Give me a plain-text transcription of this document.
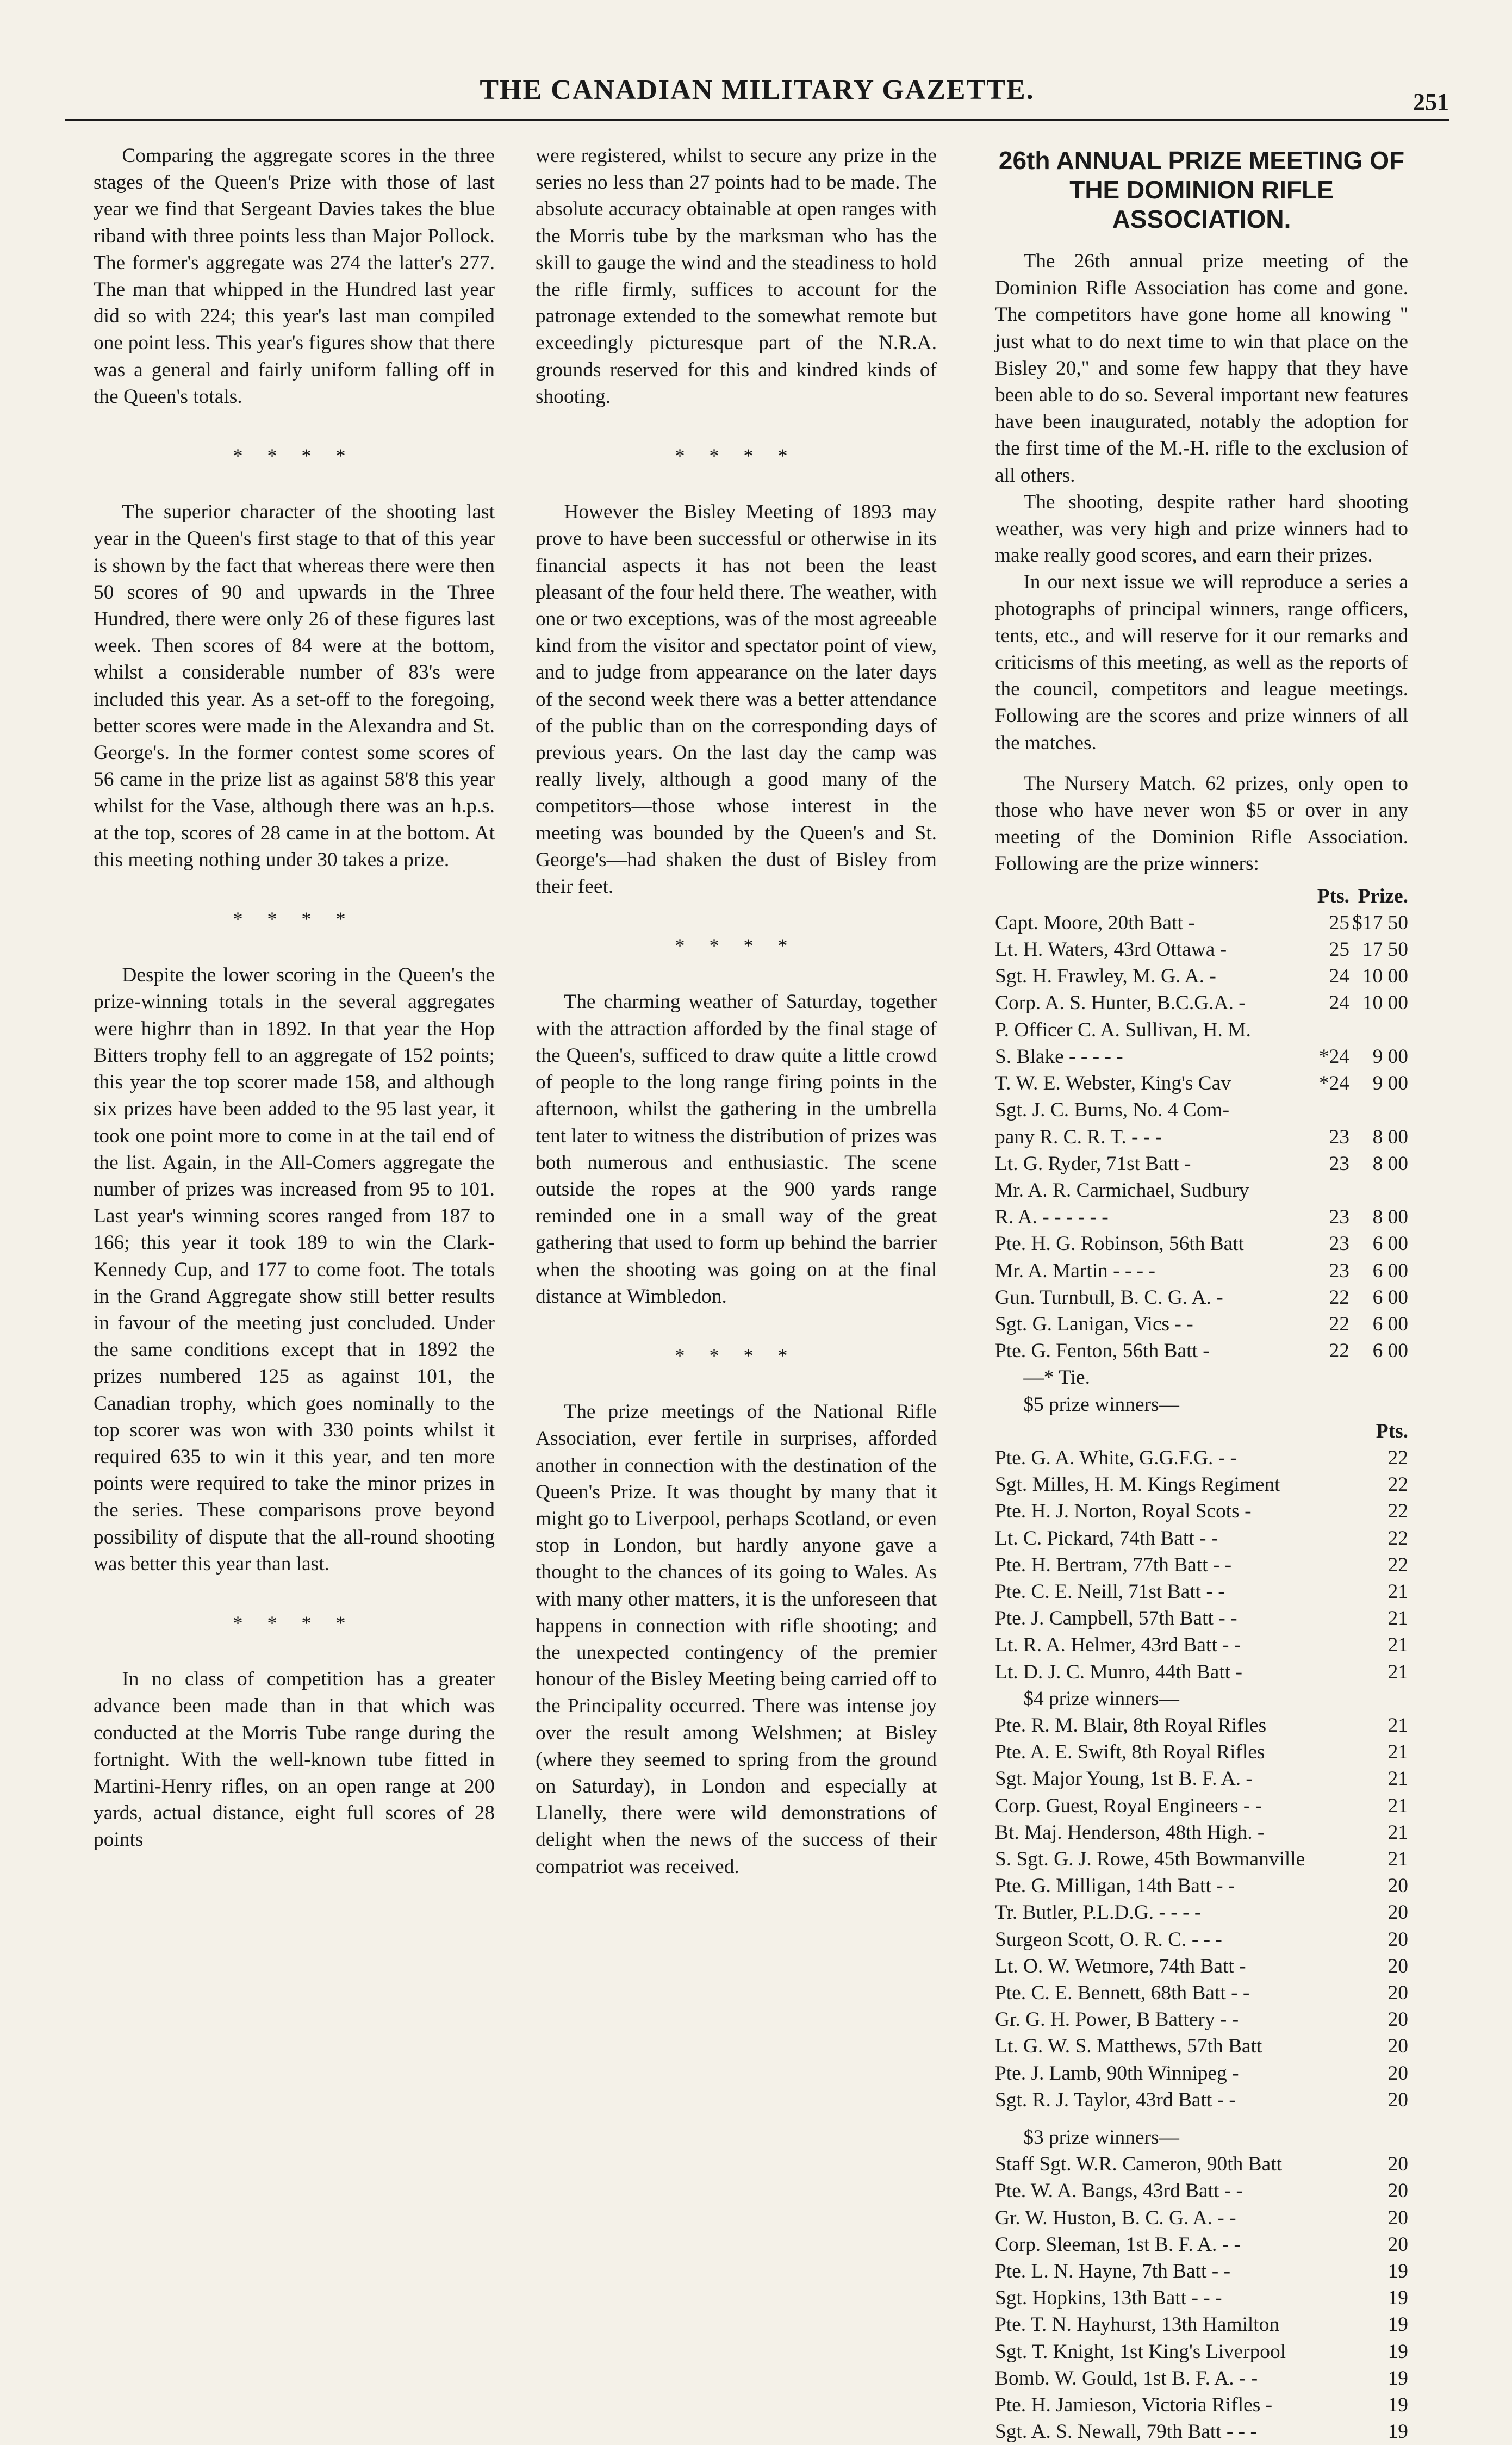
THE CANADIAN MILITARY GAZETTE.	251

Comparing the aggregate scores in the three stages of the Queen's Prize with those of last year we find that Sergeant Davies takes the blue riband with three points less than Major Pollock. The former's aggregate was 274 the latter's 277. The man that whipped in the Hundred last year did so with 224; this year's last man compiled one point less. This year's figures show that there was a general and fairly uniform falling off in the Queen's totals.

* * * *

The superior character of the shooting last year in the Queen's first stage to that of this year is shown by the fact that whereas there were then 50 scores of 90 and upwards in the Three Hundred, there were only 26 of these figures last week. Then scores of 84 were at the bottom, whilst a considerable number of 83's were included this year. As a set-off to the foregoing, better scores were made in the Alexandra and St. George's. In the former contest some scores of 56 came in the prize list as against 58'8 this year whilst for the Vase, although there was an h.p.s. at the top, scores of 28 came in at the bottom. At this meeting nothing under 30 takes a prize.

* * * *

Despite the lower scoring in the Queen's the prize-winning totals in the several aggregates were highrr than in 1892. In that year the Hop Bitters trophy fell to an aggregate of 152 points; this year the top scorer made 158, and although six prizes have been added to the 95 last year, it took one point more to come in at the tail end of the list. Again, in the All-Comers aggregate the number of prizes was increased from 95 to 101. Last year's winning scores ranged from 187 to 166; this year it took 189 to win the Clark-Kennedy Cup, and 177 to come foot. The totals in the Grand Aggregate show still better results in favour of the meeting just concluded. Under the same conditions except that in 1892 the prizes numbered 125 as against 101, the Canadian trophy, which goes nominally to the top scorer was won with 330 points whilst it required 635 to win it this year, and ten more points were required to take the minor prizes in the series. These comparisons prove beyond possibility of dispute that the all-round shooting was better this year than last.

* * * *

In no class of competition has a greater advance been made than in that which was conducted at the Morris Tube range during the fortnight. With the well-known tube fitted in Martini-Henry rifles, on an open range at 200 yards, actual distance, eight full scores of 28 points

were registered, whilst to secure any prize in the series no less than 27 points had to be made. The absolute accuracy obtainable at open ranges with the Morris tube by the marksman who has the skill to gauge the wind and the steadiness to hold the rifle firmly, suffices to account for the patronage extended to the somewhat remote but exceedingly picturesque part of the N.R.A. grounds reserved for this and kindred kinds of shooting.

* * * *

However the Bisley Meeting of 1893 may prove to have been successful or otherwise in its financial aspects it has not been the least pleasant of the four held there. The weather, with one or two exceptions, was of the most agreeable kind from the visitor and spectator point of view, and to judge from appearance on the later days of the second week there was a better attendance of the public than on the corresponding days of previous years. On the last day the camp was really lively, although a good many of the competitors—those whose interest in the meeting was bounded by the Queen's and St. George's—had shaken the dust of Bisley from their feet.

* * * *

The charming weather of Saturday, together with the attraction afforded by the final stage of the Queen's, sufficed to draw quite a little crowd of people to the long range firing points in the afternoon, whilst the gathering in the umbrella tent later to witness the distribution of prizes was both numerous and enthusiastic. The scene outside the ropes at the 900 yards range reminded one in a small way of the great gathering that used to form up behind the barrier when the shooting was going on at the final distance at Wimbledon.

* * * *

The prize meetings of the National Rifle Association, ever fertile in surprises, afforded another in connection with the destination of the Queen's Prize. It was thought by many that it might go to Liverpool, perhaps Scotland, or even stop in London, but hardly anyone gave a thought to the chances of its going to Wales. As with many other matters, it is the unforeseen that happens in connection with rifle shooting; and the unexpected contingency of the premier honour of the Bisley Meeting being carried off to the Principality occurred. There was intense joy over the result among Welshmen; at Bisley (where they seemed to spring from the ground on Saturday), in London and especially at Llanelly, there were wild demonstrations of delight when the news of the success of their compatriot was received.

26th ANNUAL PRIZE MEETING OF THE DOMINION RIFLE ASSOCIATION.

The 26th annual prize meeting of the Dominion Rifle Association has come and gone. The competitors have gone home all knowing " just what to do next time to win that place on the Bisley 20," and some few happy that they have been able to do so. Several important new features have been inaugurated, notably the adoption for the first time of the M.-H. rifle to the exclusion of all others.

The shooting, despite rather hard shooting weather, was very high and prize winners had to make really good scores, and earn their prizes.

In our next issue we will reproduce a series a photographs of principal winners, range officers, tents, etc., and will reserve for it our remarks and criticisms of this meeting, as well as the reports of the council, competitors and league meetings. Following are the scores and prize winners of all the matches.

The Nursery Match. 62 prizes, only open to those who have never won $5 or over in any meeting of the Dominion Rifle Association. Following are the prize winners:

Pts. Prize.
Capt. Moore, 20th Batt -	25 $17 50
Lt. H. Waters, 43rd Ottawa -	25 17 50
Sgt. H. Frawley, M. G. A. -	24 10 00
Corp. A. S. Hunter, B.C.G.A. -	24 10 00
P. Officer C. A. Sullivan, H. M.
S. Blake - - - - -	*24	9 00
T. W. E. Webster, King's Cav	*24	9 00
Sgt. J. C. Burns, No. 4 Com-
pany R. C. R. T. - - -	23	8 00
Lt. G. Ryder, 71st Batt -	23	8 00
Mr. A. R. Carmichael, Sudbury
R. A. - - - - - -	23	8 00
Pte. H. G. Robinson, 56th Batt	23	6 00
Mr. A. Martin - - - -	23	6 00
Gun. Turnbull, B. C. G. A. -	22	6 00
Sgt. G. Lanigan, Vics - -	22	6 00
Pte. G. Fenton, 56th Batt -	22	6 00
—* Tie.
$5 prize winners—
Pts.
Pte. G. A. White, G.G.F.G. - -	22
Sgt. Milles, H. M. Kings Regiment	22
Pte. H. J. Norton, Royal Scots -	22
Lt. C. Pickard, 74th Batt - -	22
Pte. H. Bertram, 77th Batt - -	22
Pte. C. E. Neill, 71st Batt - -	21
Pte. J. Campbell, 57th Batt - -	21
Lt. R. A. Helmer, 43rd Batt - -	21
Lt. D. J. C. Munro, 44th Batt -	21
$4 prize winners—
Pte. R. M. Blair, 8th Royal Rifles	21
Pte. A. E. Swift, 8th Royal Rifles	21
Sgt. Major Young, 1st B. F. A. -	21
Corp. Guest, Royal Engineers - -	21
Bt. Maj. Henderson, 48th High. -	21
S. Sgt. G. J. Rowe, 45th Bowmanville	21
Pte. G. Milligan, 14th Batt - -	20
Tr. Butler, P.L.D.G. - - - -	20
Surgeon Scott, O. R. C. - - -	20
Lt. O. W. Wetmore, 74th Batt -	20
Pte. C. E. Bennett, 68th Batt - -	20
Gr. G. H. Power, B Battery - -	20
Lt. G. W. S. Matthews, 57th Batt	20
Pte. J. Lamb, 90th Winnipeg -	20
Sgt. R. J. Taylor, 43rd Batt - -	20
$3 prize winners—
Staff Sgt. W.R. Cameron, 90th Batt	20
Pte. W. A. Bangs, 43rd Batt - -	20
Gr. W. Huston, B. C. G. A. - -	20
Corp. Sleeman, 1st B. F. A. - -	20
Pte. L. N. Hayne, 7th Batt - -	19
Sgt. Hopkins, 13th Batt - - -	19
Pte. T. N. Hayhurst, 13th Hamilton	19
Sgt. T. Knight, 1st King's Liverpool	19
Bomb. W. Gould, 1st B. F. A. - -	19
Pte. H. Jamieson, Victoria Rifles -	19
Sgt. A. S. Newall, 79th Batt - - -	19
